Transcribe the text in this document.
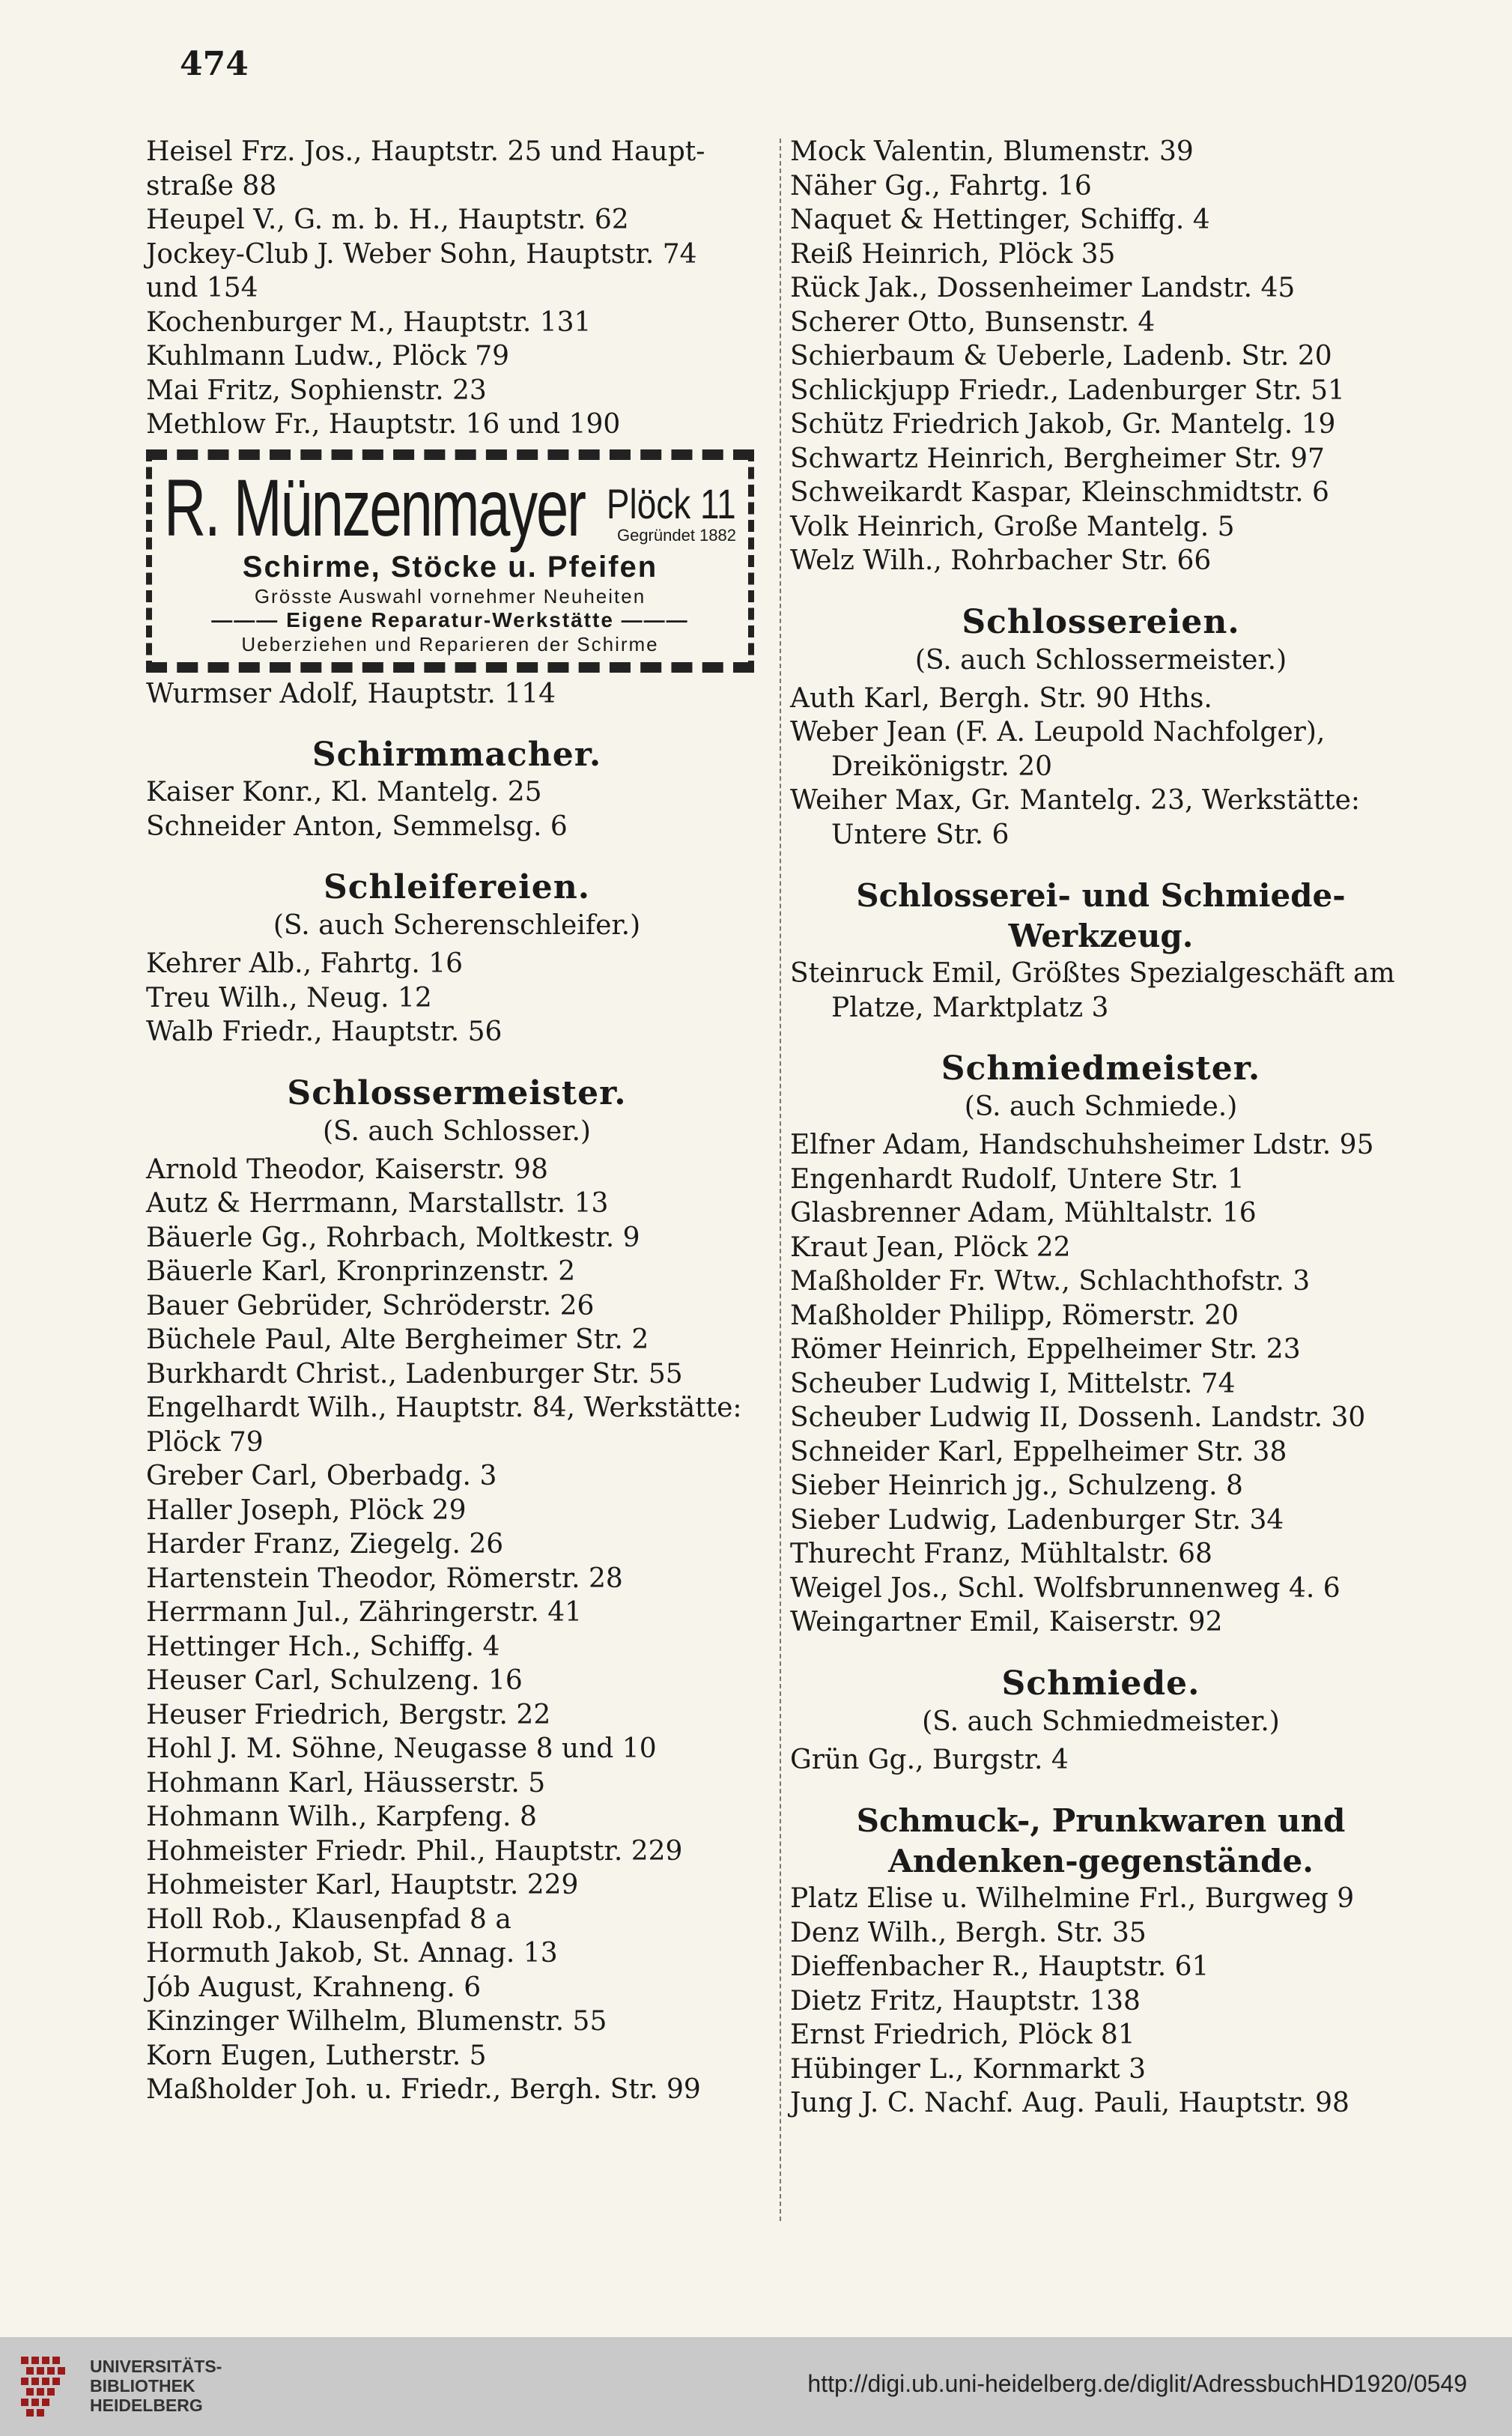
474
Heisel Frz. Jos., Hauptstr. 25 und Haupt-
straße 88
Heupel V., G. m. b. H., Hauptstr. 62
Jockey-Club J. Weber Sohn, Hauptstr. 74
und 154
Kochenburger M., Hauptstr. 131
Kuhlmann Ludw., Plöck 79
Mai Fritz, Sophienstr. 23
Methlow Fr., Hauptstr. 16 und 190
R. Münzenmayer Plöck 11
Gegründet 1882
Schirme, Stöcke u. Pfeifen
Grösste Auswahl vornehmer Neuheiten
——— Eigene Reparatur-Werkstätte ———
Ueberziehen und Reparieren der Schirme
Wurmser Adolf, Hauptstr. 114
Schirmmacher.
Kaiser Konr., Kl. Mantelg. 25
Schneider Anton, Semmelsg. 6
Schleifereien.
(S. auch Scherenschleifer.)
Kehrer Alb., Fahrtg. 16
Treu Wilh., Neug. 12
Walb Friedr., Hauptstr. 56
Schlossermeister.
(S. auch Schlosser.)
Arnold Theodor, Kaiserstr. 98
Autz & Herrmann, Marstallstr. 13
Bäuerle Gg., Rohrbach, Moltkestr. 9
Bäuerle Karl, Kronprinzenstr. 2
Bauer Gebrüder, Schröderstr. 26
Büchele Paul, Alte Bergheimer Str. 2
Burkhardt Christ., Ladenburger Str. 55
Engelhardt Wilh., Hauptstr. 84, Werkstätte:
Plöck 79
Greber Carl, Oberbadg. 3
Haller Joseph, Plöck 29
Harder Franz, Ziegelg. 26
Hartenstein Theodor, Römerstr. 28
Herrmann Jul., Zähringerstr. 41
Hettinger Hch., Schiffg. 4
Heuser Carl, Schulzeng. 16
Heuser Friedrich, Bergstr. 22
Hohl J. M. Söhne, Neugasse 8 und 10
Hohmann Karl, Häusserstr. 5
Hohmann Wilh., Karpfeng. 8
Hohmeister Friedr. Phil., Hauptstr. 229
Hohmeister Karl, Hauptstr. 229
Holl Rob., Klausenpfad 8 a
Hormuth Jakob, St. Annag. 13
Jób August, Krahneng. 6
Kinzinger Wilhelm, Blumenstr. 55
Korn Eugen, Lutherstr. 5
Maßholder Joh. u. Friedr., Bergh. Str. 99
Mock Valentin, Blumenstr. 39
Näher Gg., Fahrtg. 16
Naquet & Hettinger, Schiffg. 4
Reiß Heinrich, Plöck 35
Rück Jak., Dossenheimer Landstr. 45
Scherer Otto, Bunsenstr. 4
Schierbaum & Ueberle, Ladenb. Str. 20
Schlickjupp Friedr., Ladenburger Str. 51
Schütz Friedrich Jakob, Gr. Mantelg. 19
Schwartz Heinrich, Bergheimer Str. 97
Schweikardt Kaspar, Kleinschmidtstr. 6
Volk Heinrich, Große Mantelg. 5
Welz Wilh., Rohrbacher Str. 66
Schlossereien.
(S. auch Schlossermeister.)
Auth Karl, Bergh. Str. 90 Hths.
Weber Jean (F. A. Leupold Nachfolger), Dreikönigstr. 20
Weiher Max, Gr. Mantelg. 23, Werkstätte: Untere Str. 6
Schlosserei- und Schmiede-Werkzeug.
Steinruck Emil, Größtes Spezialgeschäft am Platze, Marktplatz 3
Schmiedmeister.
(S. auch Schmiede.)
Elfner Adam, Handschuhsheimer Ldstr. 95
Engenhardt Rudolf, Untere Str. 1
Glasbrenner Adam, Mühltalstr. 16
Kraut Jean, Plöck 22
Maßholder Fr. Wtw., Schlachthofstr. 3
Maßholder Philipp, Römerstr. 20
Römer Heinrich, Eppelheimer Str. 23
Scheuber Ludwig I, Mittelstr. 74
Scheuber Ludwig II, Dossenh. Landstr. 30
Schneider Karl, Eppelheimer Str. 38
Sieber Heinrich jg., Schulzeng. 8
Sieber Ludwig, Ladenburger Str. 34
Thurecht Franz, Mühltalstr. 68
Weigel Jos., Schl. Wolfsbrunnenweg 4. 6
Weingartner Emil, Kaiserstr. 92
Schmiede.
(S. auch Schmiedmeister.)
Grün Gg., Burgstr. 4
Schmuck-, Prunkwaren und Andenken-gegenstände.
Platz Elise u. Wilhelmine Frl., Burgweg 9
Denz Wilh., Bergh. Str. 35
Dieffenbacher R., Hauptstr. 61
Dietz Fritz, Hauptstr. 138
Ernst Friedrich, Plöck 81
Hübinger L., Kornmarkt 3
Jung J. C. Nachf. Aug. Pauli, Hauptstr. 98
UNIVERSITÄTS-
BIBLIOTHEK
HEIDELBERG
http://digi.ub.uni-heidelberg.de/diglit/AdressbuchHD1920/0549
